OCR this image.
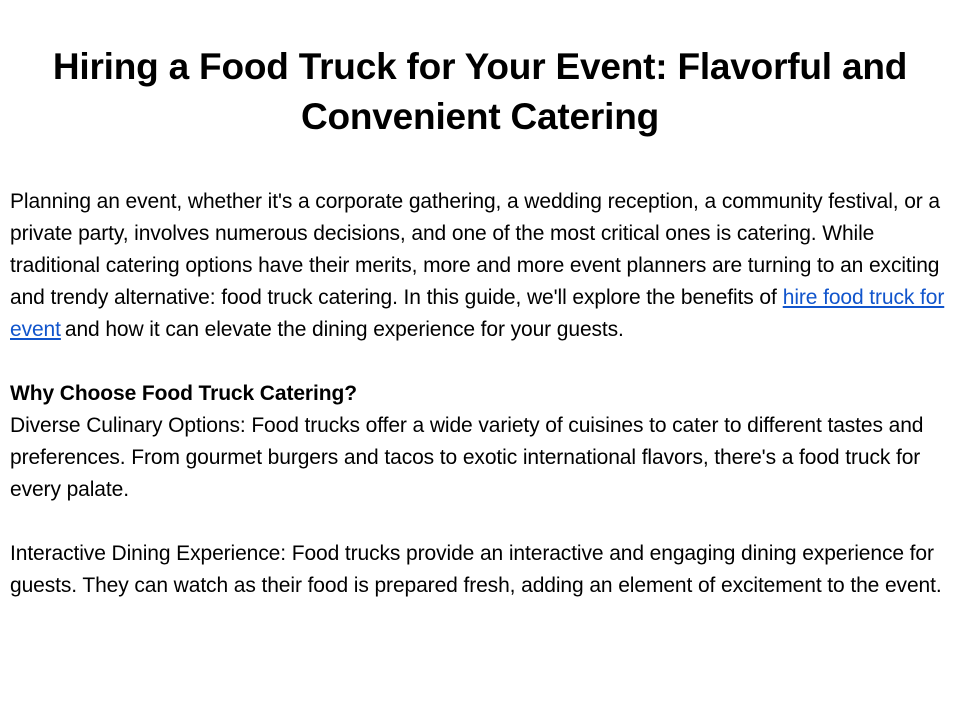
Hiring a Food Truck for Your Event: Flavorful and Convenient Catering

Planning an event, whether it's a corporate gathering, a wedding reception, a community festival, or a private party, involves numerous decisions, and one of the most critical ones is catering. While traditional catering options have their merits, more and more event planners are turning to an exciting and trendy alternative: food truck catering. In this guide, we'll explore the benefits of hire food truck for event and how it can elevate the dining experience for your guests.

Why Choose Food Truck Catering?

Diverse Culinary Options: Food trucks offer a wide variety of cuisines to cater to different tastes and preferences. From gourmet burgers and tacos to exotic international flavors, there's a food truck for every palate.

Interactive Dining Experience: Food trucks provide an interactive and engaging dining experience for guests. They can watch as their food is prepared fresh, adding an element of excitement to the event.
